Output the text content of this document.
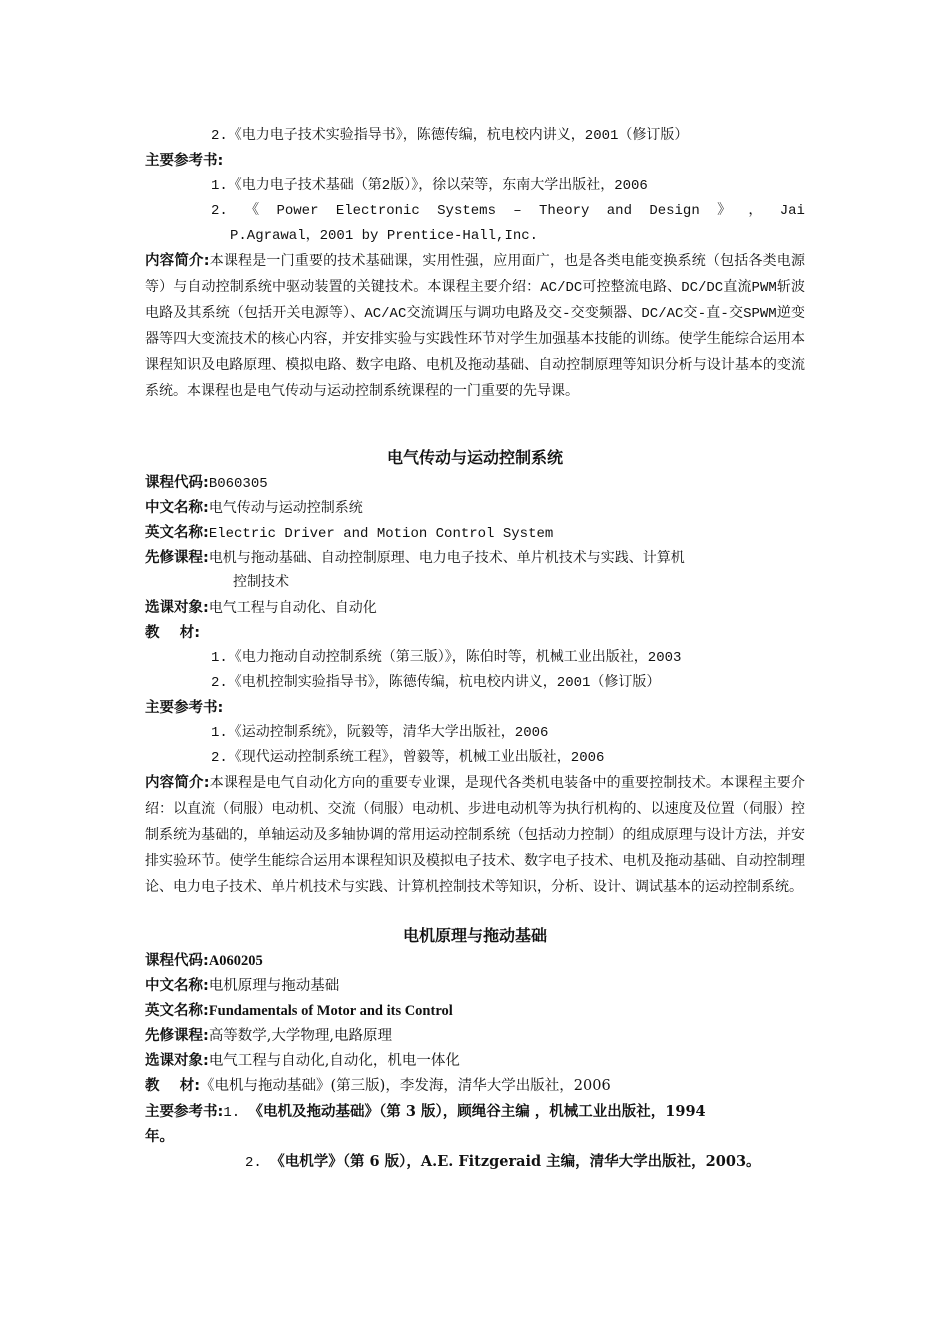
2.《电力电子技术实验指导书》，陈德传编，杭电校内讲义，2001（修订版）
主要参考书:
1.《电力电子技术基础（第2版）》，徐以荣等，东南大学出版社，2006
2. 《 Power Electronic Systems – Theory and Design 》 ， Jai
P.Agrawal，2001 by Prentice-Hall,Inc.
内容简介:本课程是一门重要的技术基础课，实用性强，应用面广，也是各类电能变换系统（包括各类电源等）与自动控制系统中驱动装置的关键技术。本课程主要介绍：AC/DC可控整流电路、DC/DC直流PWM斩波电路及其系统（包括开关电源等）、AC/AC交流调压与调功电路及交-交变频器、DC/AC交-直-交SPWM逆变器等四大变流技术的核心内容，并安排实验与实践性环节对学生加强基本技能的训练。使学生能综合运用本课程知识及电路原理、模拟电路、数字电路、电机及拖动基础、自动控制原理等知识分析与设计基本的变流系统。本课程也是电气传动与运动控制系统课程的一门重要的先导课。
电气传动与运动控制系统
课程代码:B060305
中文名称:电气传动与运动控制系统
英文名称:Electric Driver and Motion Control System
先修课程:电机与拖动基础、自动控制原理、电力电子技术、单片机技术与实践、计算机
控制技术
选课对象:电气工程与自动化、自动化
教    材:
1.《电力拖动自动控制系统（第三版）》，陈伯时等，机械工业出版社，2003
2.《电机控制实验指导书》，陈德传编，杭电校内讲义，2001（修订版）
主要参考书:
1.《运动控制系统》，阮毅等，清华大学出版社，2006
2.《现代运动控制系统工程》，曾毅等，机械工业出版社，2006
内容简介:本课程是电气自动化方向的重要专业课，是现代各类机电装备中的重要控制技术。本课程主要介绍：以直流（伺服）电动机、交流（伺服）电动机、步进电动机等为执行机构的、以速度及位置（伺服）控制系统为基础的，单轴运动及多轴协调的常用运动控制系统（包括动力控制）的组成原理与设计方法，并安排实验环节。使学生能综合运用本课程知识及模拟电子技术、数字电子技术、电机及拖动基础、自动控制理论、电力电子技术、单片机技术与实践、计算机控制技术等知识，分析、设计、调试基本的运动控制系统。
电机原理与拖动基础
课程代码:A060205
中文名称:电机原理与拖动基础
英文名称:Fundamentals of Motor and its Control
先修课程:高等数学,大学物理,电路原理
选课对象:电气工程与自动化,自动化，机电一体化
教    材:《电机与拖动基础》(第三版)，李发海，清华大学出版社，2006
主要参考书:1. 《电机及拖动基础》（第 3 版），顾绳谷主编 ，机械工业出版社，1994
年。
2. 《电机学》（第 6 版），A.E. Fitzgeraid 主编，清华大学出版社，2003。
